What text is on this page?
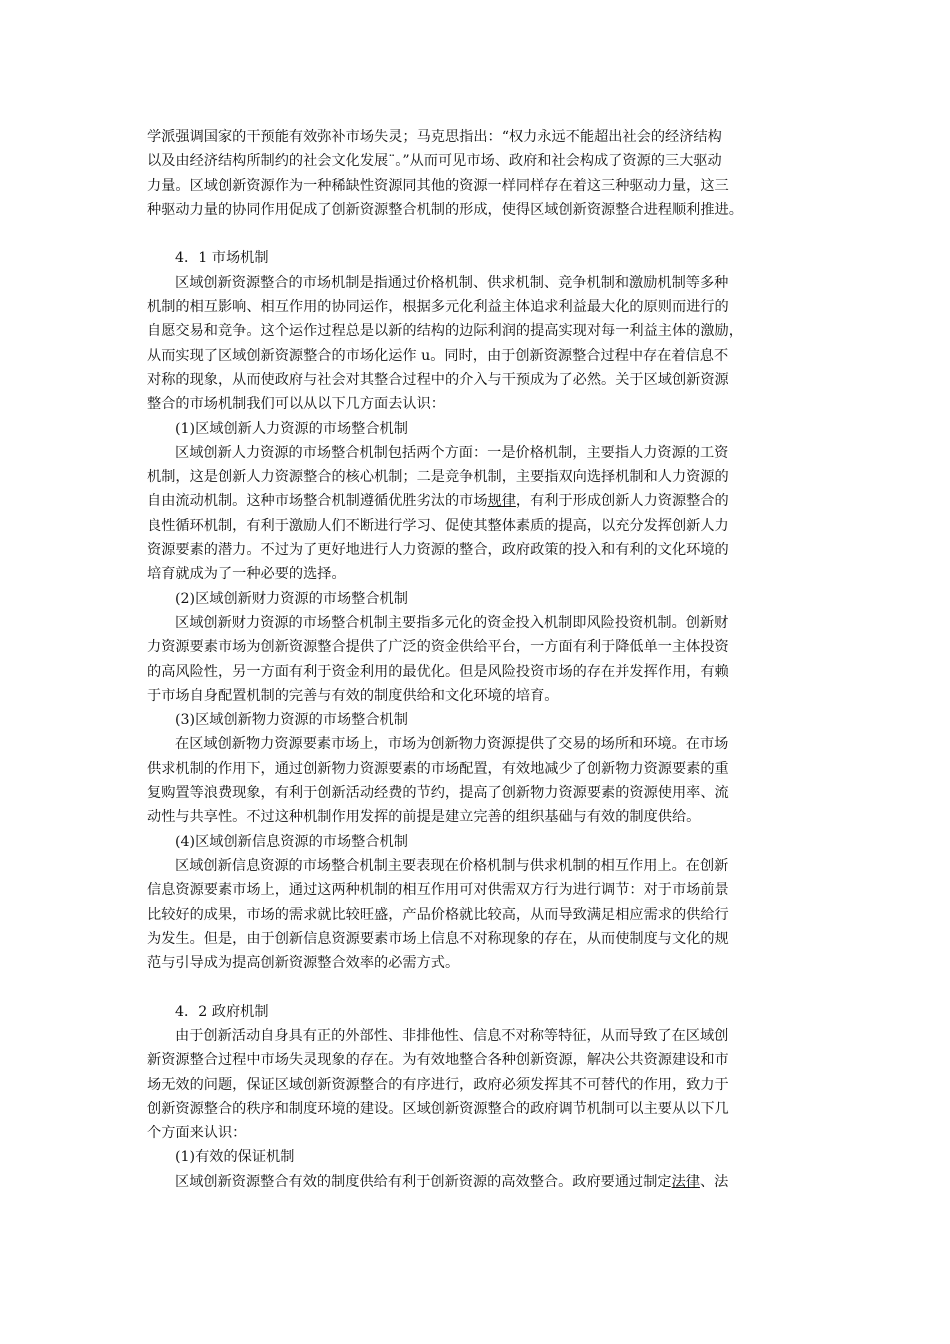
学派强调国家的干预能有效弥补市场失灵；马克思指出：“权力永远不能超出社会的经济结构
以及由经济结构所制约的社会文化发展¨。”从而可见市场、政府和社会构成了资源的三大驱动
力量。区域创新资源作为一种稀缺性资源同其他的资源一样同样存在着这三种驱动力量，这三
种驱动力量的协同作用促成了创新资源整合机制的形成，使得区域创新资源整合进程顺利推进。
4．1 市场机制
区域创新资源整合的市场机制是指通过价格机制、供求机制、竞争机制和激励机制等多种
机制的相互影响、相互作用的协同运作，根据多元化利益主体追求利益最大化的原则而进行的
自愿交易和竞争。这个运作过程总是以新的结构的边际利润的提高实现对每一利益主体的激励，
从而实现了区域创新资源整合的市场化运作 u。同时，由于创新资源整合过程中存在着信息不
对称的现象，从而使政府与社会对其整合过程中的介入与干预成为了必然。关于区域创新资源
整合的市场机制我们可以从以下几方面去认识：
(1)区域创新人力资源的市场整合机制
区域创新人力资源的市场整合机制包括两个方面：一是价格机制，主要指人力资源的工资
机制，这是创新人力资源整合的核心机制；二是竞争机制，主要指双向选择机制和人力资源的
自由流动机制。这种市场整合机制遵循优胜劣汰的市场规律，有利于形成创新人力资源整合的
良性循环机制，有利于激励人们不断进行学习、促使其整体素质的提高，以充分发挥创新人力
资源要素的潜力。不过为了更好地进行人力资源的整合，政府政策的投入和有利的文化环境的
培育就成为了一种必要的选择。
(2)区域创新财力资源的市场整合机制
区域创新财力资源的市场整合机制主要指多元化的资金投入机制即风险投资机制。创新财
力资源要素市场为创新资源整合提供了广泛的资金供给平台，一方面有利于降低单一主体投资
的高风险性，另一方面有利于资金利用的最优化。但是风险投资市场的存在并发挥作用，有赖
于市场自身配置机制的完善与有效的制度供给和文化环境的培育。
(3)区域创新物力资源的市场整合机制
在区域创新物力资源要素市场上，市场为创新物力资源提供了交易的场所和环境。在市场
供求机制的作用下，通过创新物力资源要素的市场配置，有效地减少了创新物力资源要素的重
复购置等浪费现象，有利于创新活动经费的节约，提高了创新物力资源要素的资源使用率、流
动性与共享性。不过这种机制作用发挥的前提是建立完善的组织基础与有效的制度供给。
(4)区域创新信息资源的市场整合机制
区域创新信息资源的市场整合机制主要表现在价格机制与供求机制的相互作用上。在创新
信息资源要素市场上，通过这两种机制的相互作用可对供需双方行为进行调节：对于市场前景
比较好的成果，市场的需求就比较旺盛，产品价格就比较高，从而导致满足相应需求的供给行
为发生。但是，由于创新信息资源要素市场上信息不对称现象的存在，从而使制度与文化的规
范与引导成为提高创新资源整合效率的必需方式。
4．2 政府机制
由于创新活动自身具有正的外部性、非排他性、信息不对称等特征，从而导致了在区域创
新资源整合过程中市场失灵现象的存在。为有效地整合各种创新资源，解决公共资源建设和市
场无效的问题，保证区域创新资源整合的有序进行，政府必须发挥其不可替代的作用，致力于
创新资源整合的秩序和制度环境的建设。区域创新资源整合的政府调节机制可以主要从以下几
个方面来认识：
(1)有效的保证机制
区域创新资源整合有效的制度供给有利于创新资源的高效整合。政府要通过制定法律、法
